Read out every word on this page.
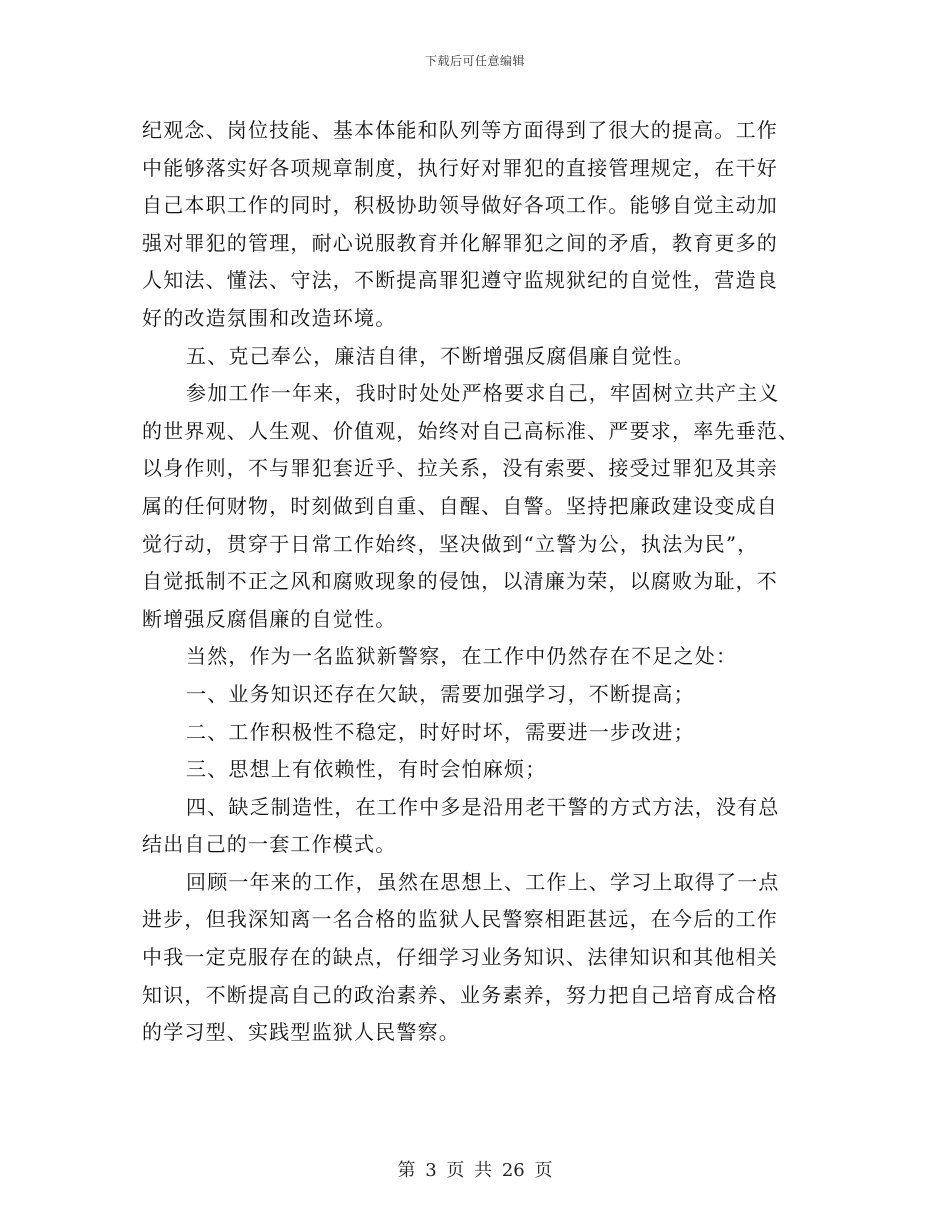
下载后可任意编辑

纪观念、岗位技能、基本体能和队列等方面得到了很大的提高。工作
中能够落实好各项规章制度，执行好对罪犯的直接管理规定，在干好
自己本职工作的同时，积极协助领导做好各项工作。能够自觉主动加
强对罪犯的管理，耐心说服教育并化解罪犯之间的矛盾，教育更多的
人知法、懂法、守法，不断提高罪犯遵守监规狱纪的自觉性，营造良
好的改造氛围和改造环境。

五、克己奉公，廉洁自律，不断增强反腐倡廉自觉性。

参加工作一年来，我时时处处严格要求自己，牢固树立共产主义
的世界观、人生观、价值观，始终对自己高标准、严要求，率先垂范、
以身作则，不与罪犯套近乎、拉关系，没有索要、接受过罪犯及其亲
属的任何财物，时刻做到自重、自醒、自警。坚持把廉政建设变成自
觉行动，贯穿于日常工作始终，坚决做到“立警为公，执法为民”，
自觉抵制不正之风和腐败现象的侵蚀，以清廉为荣，以腐败为耻，不
断增强反腐倡廉的自觉性。

当然，作为一名监狱新警察，在工作中仍然存在不足之处：

一、业务知识还存在欠缺，需要加强学习，不断提高；

二、工作积极性不稳定，时好时坏，需要进一步改进；

三、思想上有依赖性，有时会怕麻烦；

四、缺乏制造性，在工作中多是沿用老干警的方式方法，没有总
结出自己的一套工作模式。

回顾一年来的工作，虽然在思想上、工作上、学习上取得了一点
进步，但我深知离一名合格的监狱人民警察相距甚远，在今后的工作
中我一定克服存在的缺点，仔细学习业务知识、法律知识和其他相关
知识，不断提高自己的政治素养、业务素养，努力把自己培育成合格
的学习型、实践型监狱人民警察。

第 3 页 共 26 页
